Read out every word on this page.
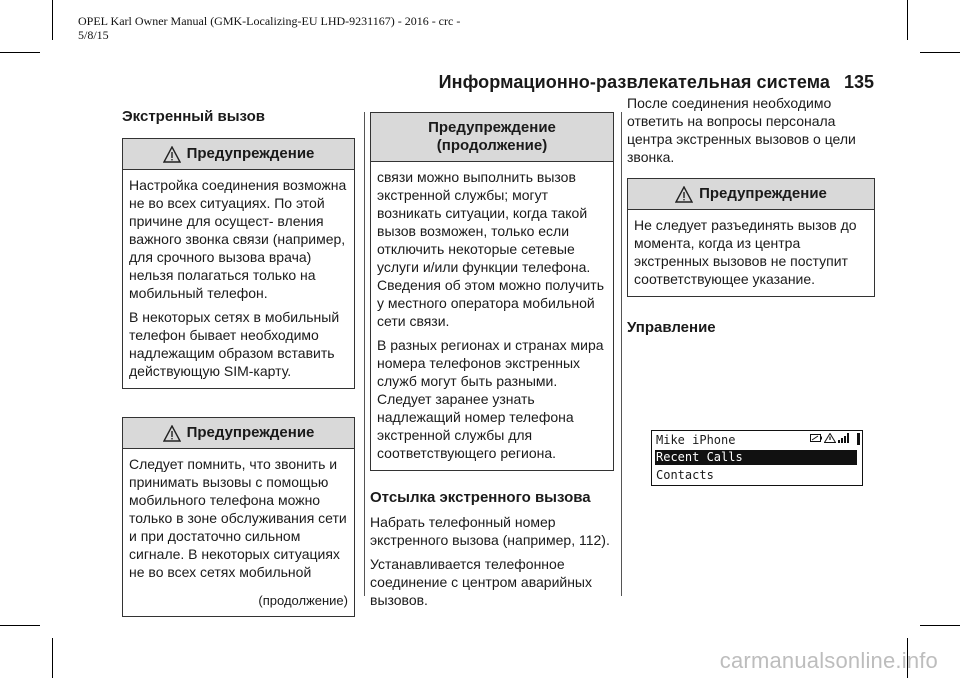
OPEL Karl Owner Manual (GMK-Localizing-EU LHD-9231167) - 2016 - crc -
5/8/15
Информационно-развлекательная система 135
Экстренный вызов
Предупреждение

Настройка соединения возможна не во всех ситуациях. По этой причине для осущест- вления важного звонка связи (например, для срочного вызова врача) нельзя полагаться только на мобильный телефон.

В некоторых сетях в мобильный телефон бывает необходимо надлежащим образом вставить действующую SIM-карту.

Предупреждение

Следует помнить, что звонить и принимать вызовы с помощью мобильного телефона можно только в зоне обслуживания сети и при достаточно сильном сигнале. В некоторых ситуациях не во всех сетях мобильной

(продолжение)
Предупреждение (продолжение)

связи можно выполнить вызов экстренной службы; могут возникать ситуации, когда такой вызов возможен, только если отключить некоторые сетевые услуги и/или функции телефона. Сведения об этом можно получить у местного оператора мобильной сети связи.

В разных регионах и странах мира номера телефонов экстренных служб могут быть разными. Следует заранее узнать надлежащий номер телефона экстренной службы для соответствующего региона.

Отсылка экстренного вызова

Набрать телефонный номер экстренного вызова (например, 112).

Устанавливается телефонное соединение с центром аварийных вызовов.

После соединения необходимо ответить на вопросы персонала центра экстренных вызовов о цели звонка.

Предупреждение

Не следует разъединять вызов до момента, когда из центра экстренных вызовов не поступит соответствующее указание.

Управление
Mike iPhone
Recent Calls
Contacts
carmanualsonline.info
